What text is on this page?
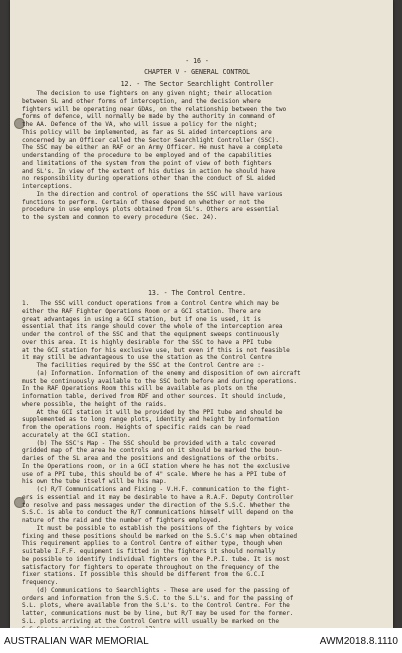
- 16 -

CHAPTER V - GENERAL CONTROL

12. - The Sector Searchlight Controller

The decision to use fighters on any given night; their allocation
between SL and other forms of interception, and the decision where
fighters will be operating near GDAs, on the relationship between the two
forms of defence, will normally be made by the authority in command of
the AA. Defence of the VA, who will issue a policy for the night;
This policy will be implemented, as far as SL aided interceptions are
concerned by an Officer called the Sector Searchlight Controller (SSC).
The SSC may be either an RAF or an Army Officer. He must have a complete
understanding of the procedure to be employed and of the capabilities
and limitations of the system from the point of view of both fighters
and SL's. In view of the extent of his duties in action he should have
no responsibility during operations other than the conduct of SL aided
interceptions.
In the direction and control of operations the SSC will have various
functions to perform. Certain of these depend on whether or not the
procedure in use employs plots obtained from SL's. Others are essential
to the system and common to every procedure (Sec. 24).

13. - The Control Centre.

1.   The SSC will conduct operations from a Control Centre which may be
either the RAF Fighter Operations Room or a GCI station. There are
great advantages in using a GCI station, but if one is used, it is
essential that its range should cover the whole of the interception area
under the control of the SSC and that the equipment sweeps continuously
over this area. It is highly desirable for the SSC to have a PPI tube
at the GCI station for his exclusive use, but even if this is not feasible
it may still be advantageous to use the station as the Control Centre
The facilities required by the SSC at the Control Centre are :-
(a) Information. Information of the enemy and disposition of own aircraft
must be continuously available to the SSC both before and during operations.
In the RAF Operations Room this will be available as plots on the
information table, derived from RDF and other sources. It should include,
where possible, the height of the raids.
At the GCI station it will be provided by the PPI tube and should be
supplemented as to long range plots, identity and height by information
from the operations room. Heights of specific raids can be read
accurately at the GCI station.
(b) The SSC's Map - The SSC should be provided with a talc covered
gridded map of the area he controls and on it should be marked the boun-
daries of the SL area and the positions and designations of the orbits.
In the Operations room, or in a GCI station where he has not the exclusive
use of a PPI tube, this should be of 4" scale. Where he has a PPI tube of
his own the tube itself will be his map.
(c) R/T Communications and Fixing - V.H.F. communication to the fight-
ers is essential and it may be desirable to have a R.A.F. Deputy Controller
to resolve and pass messages under the direction of the S.S.C. Whether the
S.S.C. is able to conduct the R/T communications himself will depend on the
nature of the raid and the number of fighters employed.
It must be possible to establish the positions of the fighters by voice
fixing and these positions should be marked on the S.S.C's map when obtained
This requirement applies to a Control Centre of either type, though when
suitable I.F.F. equipment is fitted in the fighters it should normally
be possible to identify individual fighters on the P.P.I. tube. It is most
satisfactory for fighters to operate throughout on the frequency of the
fixer stations. If possible this should be different from the G.C.I
frequency.
(d) Communications to Searchlights - These are used for the passing of
orders and information from the S.S.C. to the S.L's. and for the passing of
S.L. plots, where available from the S.L's. to the Control Centre. For the
latter, communications must be by line, but R/T may be used for the former.
S.L. plots arriving at the Control Centre will usually be marked on the

AUSTRALIAN WAR MEMORIAL	AWM2018.8.1110
